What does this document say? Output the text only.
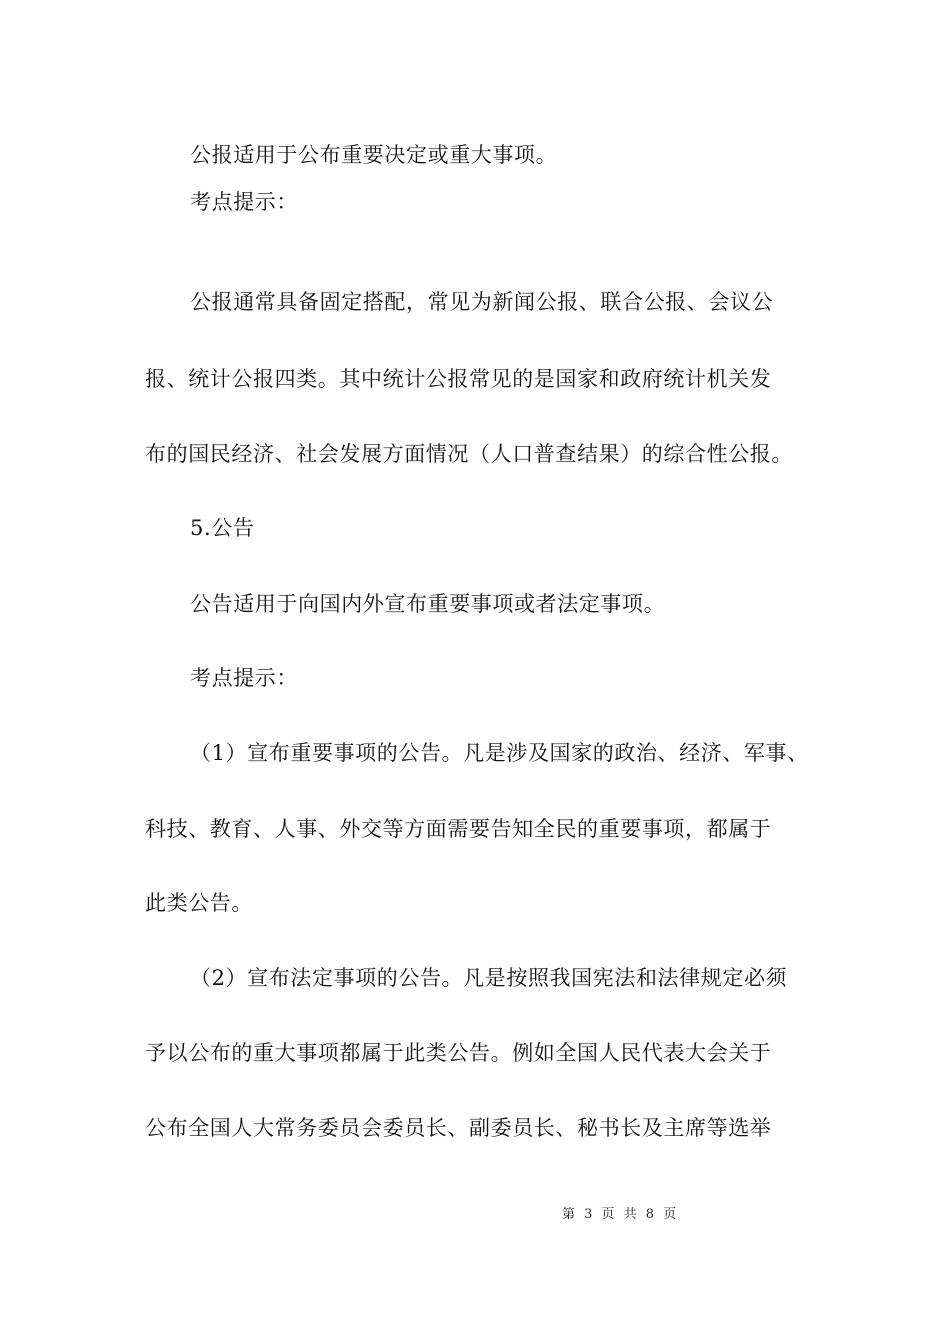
公报适用于公布重要决定或重大事项。
考点提示：
公报通常具备固定搭配，常见为新闻公报、联合公报、会议公
报、统计公报四类。其中统计公报常见的是国家和政府统计机关发
布的国民经济、社会发展方面情况（人口普查结果）的综合性公报。
5.公告
公告适用于向国内外宣布重要事项或者法定事项。
考点提示：
（1）宣布重要事项的公告。凡是涉及国家的政治、经济、军事、
科技、教育、人事、外交等方面需要告知全民的重要事项，都属于
此类公告。
（2）宣布法定事项的公告。凡是按照我国宪法和法律规定必须
予以公布的重大事项都属于此类公告。例如全国人民代表大会关于
公布全国人大常务委员会委员长、副委员长、秘书长及主席等选举
第 3 页 共 8 页
